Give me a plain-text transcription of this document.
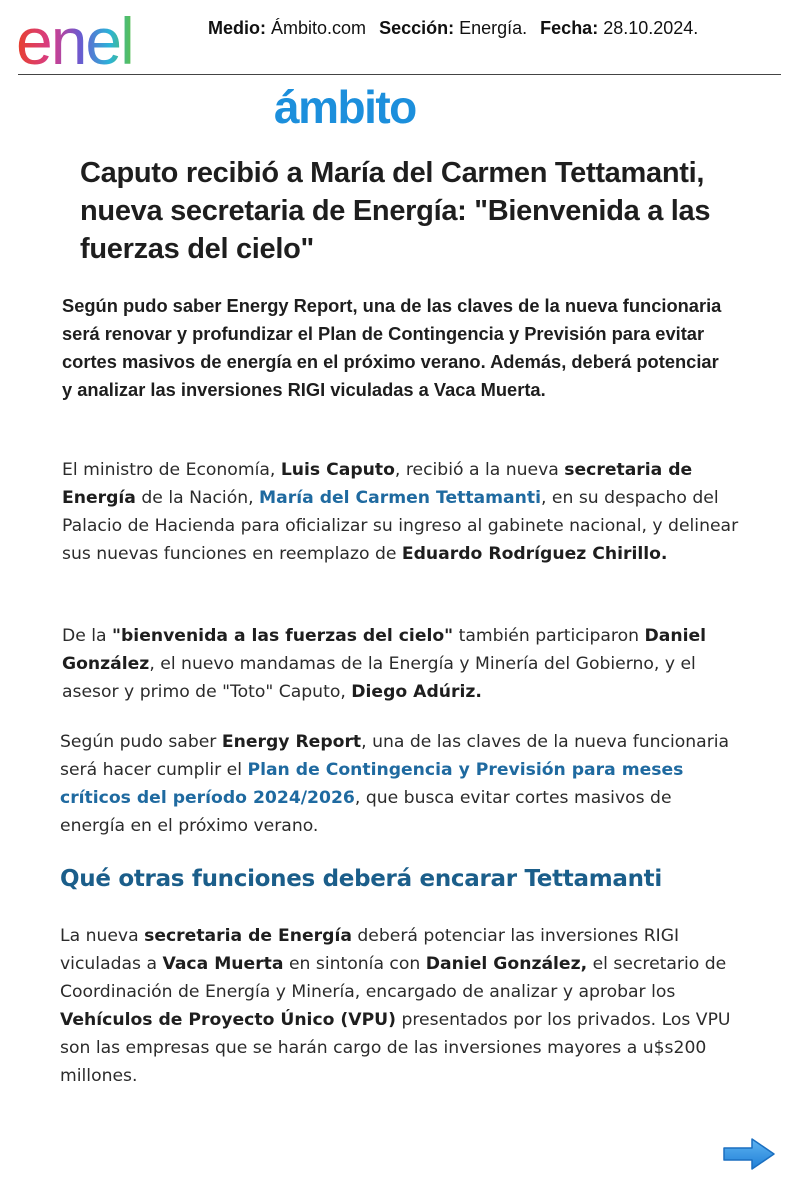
enel	Medio: Ámbito.com Sección: Energía. Fecha: 28.10.2024.
ámbito
Caputo recibió a María del Carmen Tettamanti, nueva secretaria de Energía: "Bienvenida a las fuerzas del cielo"

Según pudo saber Energy Report, una de las claves de la nueva funcionaria será renovar y profundizar el Plan de Contingencia y Previsión para evitar cortes masivos de energía en el próximo verano. Además, deberá potenciar y analizar las inversiones RIGI viculadas a Vaca Muerta.

El ministro de Economía, Luis Caputo, recibió a la nueva secretaria de Energía de la Nación, María del Carmen Tettamanti, en su despacho del Palacio de Hacienda para oficializar su ingreso al gabinete nacional, y delinear sus nuevas funciones en reemplazo de Eduardo Rodríguez Chirillo.

De la "bienvenida a las fuerzas del cielo" también participaron Daniel González, el nuevo mandamas de la Energía y Minería del Gobierno, y el asesor y primo de "Toto" Caputo, Diego Adúriz.

Según pudo saber Energy Report, una de las claves de la nueva funcionaria será hacer cumplir el Plan de Contingencia y Previsión para meses críticos del período 2024/2026, que busca evitar cortes masivos de energía en el próximo verano.

Qué otras funciones deberá encarar Tettamanti

La nueva secretaria de Energía deberá potenciar las inversiones RIGI viculadas a Vaca Muerta en sintonía con Daniel González, el secretario de Coordinación de Energía y Minería, encargado de analizar y aprobar los Vehículos de Proyecto Único (VPU) presentados por los privados. Los VPU son las empresas que se harán cargo de las inversiones mayores a u$s200 millones.
